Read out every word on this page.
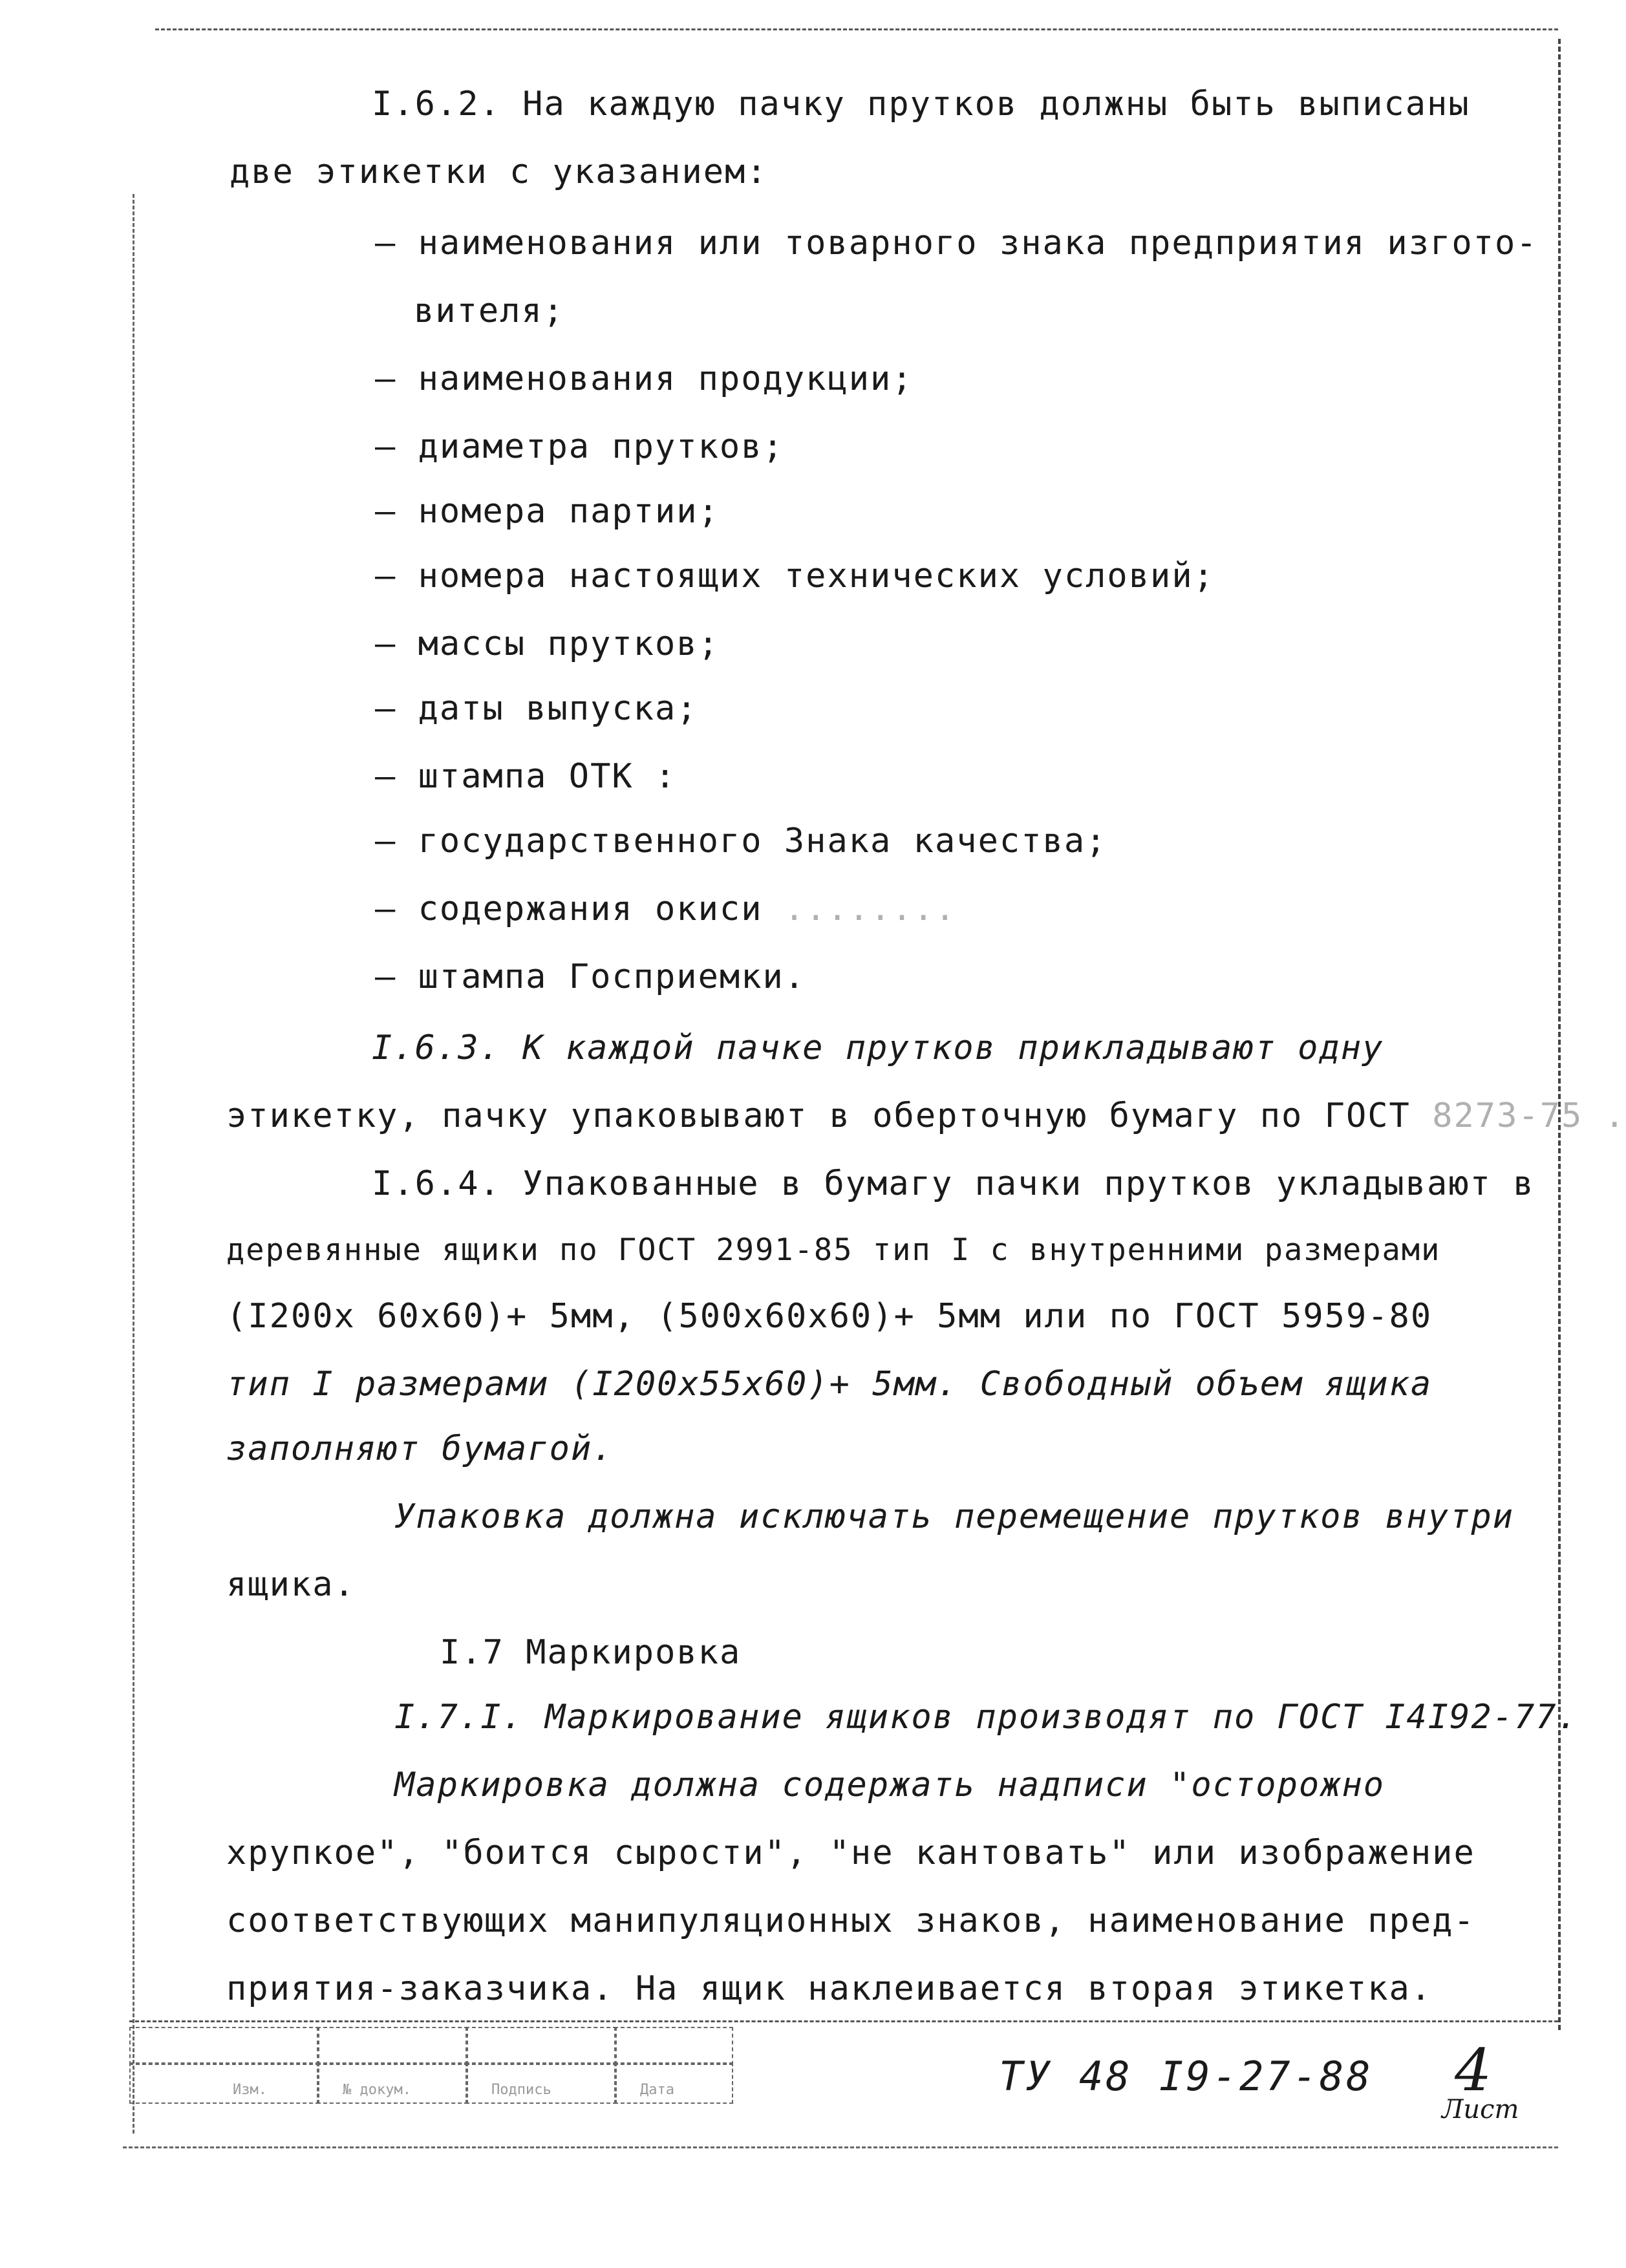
I.6.2. На каждую пачку прутков должны быть выписаны
две этикетки с указанием:
– наименования или товарного знака предприятия изгото-
вителя;
– наименования продукции;
– диаметра прутков;
– номера партии;
– номера настоящих технических условий;
– массы прутков;
– даты выпуска;
– штампа ОТК :
– государственного Знака качества;
– содержания окиси ........
– штампа Госприемки.
I.6.3. К каждой пачке прутков прикладывают одну
этикетку, пачку упаковывают в оберточную бумагу по ГОСТ 8273-75 .
I.6.4. Упакованные в бумагу пачки прутков укладывают в
деревянные ящики по ГОСТ 2991-85 тип I с внутренними размерами
(I200х 60х60)+ 5мм, (500х60х60)+ 5мм или по ГОСТ 5959-80
тип I размерами (I200х55х60)+ 5мм. Свободный объем ящика
заполняют бумагой.
Упаковка должна исключать перемещение прутков внутри
ящика.
I.7 Маркировка
I.7.I. Маркирование ящиков производят по ГОСТ I4I92-77.
Маркировка должна содержать надписи "осторожно
хрупкое", "боится сырости", "не кантовать" или изображение
соответствующих манипуляционных знаков, наименование пред-
приятия-заказчика. На ящик наклеивается вторая этикетка.
Изм.	№ докум.	Подпись	Дата	ТУ 48 I9-27-88 4
Лист
